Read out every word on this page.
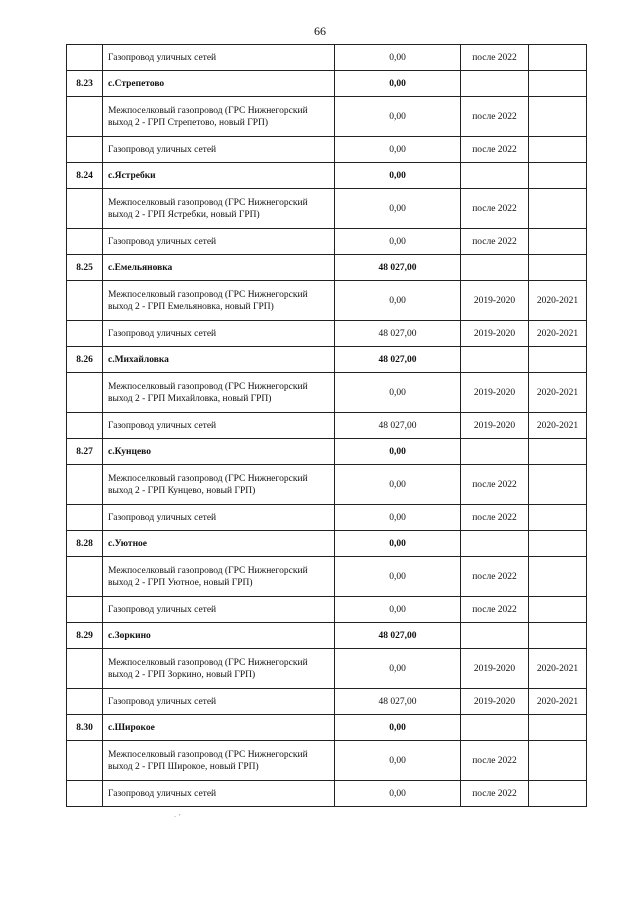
66
	Газопровод уличных сетей	0,00	после 2022	
8.23	с.Стрепетово	0,00		
	Межпоселковый газопровод (ГРС Нижнегорский выход 2 - ГРП Стрепетово, новый ГРП)	0,00	после 2022	
	Газопровод уличных сетей	0,00	после 2022	
8.24	с.Ястребки	0,00		
	Межпоселковый газопровод (ГРС Нижнегорский выход 2 - ГРП Ястребки, новый ГРП)	0,00	после 2022	
	Газопровод уличных сетей	0,00	после 2022	
8.25	с.Емельяновка	48 027,00		
	Межпоселковый газопровод (ГРС Нижнегорский выход 2 - ГРП Емельяновка, новый ГРП)	0,00	2019-2020	2020-2021
	Газопровод уличных сетей	48 027,00	2019-2020	2020-2021
8.26	с.Михайловка	48 027,00		
	Межпоселковый газопровод (ГРС Нижнегорский выход 2 - ГРП Михайловка, новый ГРП)	0,00	2019-2020	2020-2021
	Газопровод уличных сетей	48 027,00	2019-2020	2020-2021
8.27	с.Кунцево	0,00		
	Межпоселковый газопровод (ГРС Нижнегорский выход 2 - ГРП Кунцево, новый ГРП)	0,00	после 2022	
	Газопровод уличных сетей	0,00	после 2022	
8.28	с.Уютное	0,00		
	Межпоселковый газопровод (ГРС Нижнегорский выход 2 - ГРП Уютное, новый ГРП)	0,00	после 2022	
	Газопровод уличных сетей	0,00	после 2022	
8.29	с.Зоркино	48 027,00		
	Межпоселковый газопровод (ГРС Нижнегорский выход 2 - ГРП Зоркино, новый ГРП)	0,00	2019-2020	2020-2021
	Газопровод уличных сетей	48 027,00	2019-2020	2020-2021
8.30	с.Широкое	0,00		
	Межпоселковый газопровод (ГРС Нижнегорский выход 2 - ГРП Широкое, новый ГРП)	0,00	после 2022	
	Газопровод уличных сетей	0,00	после 2022	
· ’
